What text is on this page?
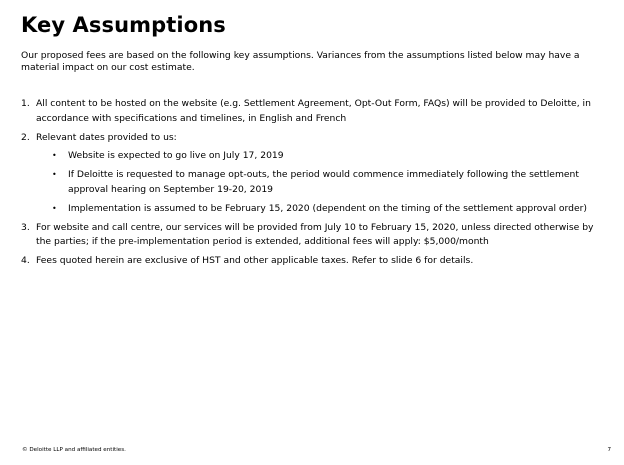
Key Assumptions
Our proposed fees are based on the following key assumptions. Variances from the assumptions listed below may have a material impact on our cost estimate.
1. All content to be hosted on the website (e.g. Settlement Agreement, Opt-Out Form, FAQs) will be provided to Deloitte, in accordance with specifications and timelines, in English and French
2. Relevant dates provided to us:
• Website is expected to go live on July 17, 2019
• If Deloitte is requested to manage opt-outs, the period would commence immediately following the settlement approval hearing on September 19-20, 2019
• Implementation is assumed to be February 15, 2020 (dependent on the timing of the settlement approval order)
3. For website and call centre, our services will be provided from July 10 to February 15, 2020, unless directed otherwise by the parties; if the pre-implementation period is extended, additional fees will apply: $5,000/month
4. Fees quoted herein are exclusive of HST and other applicable taxes. Refer to slide 6 for details.
© Deloitte LLP and affiliated entities.	7
